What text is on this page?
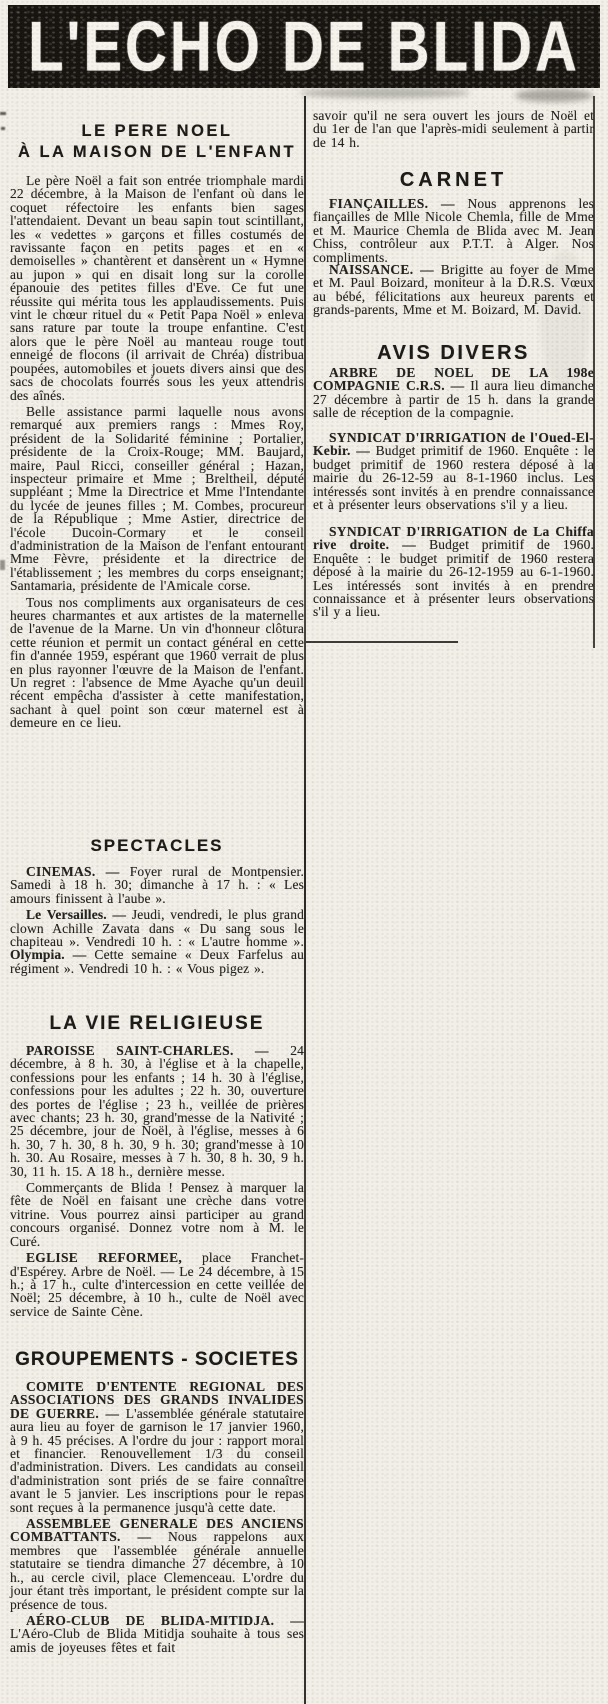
L'ECHO DE BLIDA
LE PERE NOEL
À LA MAISON DE L'ENFANT

Le père Noël a fait son entrée triomphale mardi 22 décembre, à la Maison de l'enfant où dans le coquet réfectoire les enfants bien sages l'attendaient. Devant un beau sapin tout scintillant, les « vedettes » garçons et filles costumés de ravissante façon en petits pages et en « demoiselles » chantèrent et dansèrent un « Hymne au jupon » qui en disait long sur la corolle épanouie des petites filles d'Eve. Ce fut une réussite qui mérita tous les applaudissements. Puis vint le chœur rituel du « Petit Papa Noël » enleva sans rature par toute la troupe enfantine. C'est alors que le père Noël au manteau rouge tout enneigé de flocons (il arrivait de Chréa) distribua poupées, automobiles et jouets divers ainsi que des sacs de chocolats fourrés sous les yeux attendris des aînés.

Belle assistance parmi laquelle nous avons remarqué aux premiers rangs : Mmes Roy, président de la Solidarité féminine ; Portalier, présidente de la Croix-Rouge; MM. Baujard, maire, Paul Ricci, conseiller général ; Hazan, inspecteur primaire et Mme ; Breltheil, député suppléant ; Mme la Directrice et Mme l'Intendante du lycée de jeunes filles ; M. Combes, procureur de la République ; Mme Astier, directrice de l'école Ducoin-Cormary et le conseil d'administration de la Maison de l'enfant entourant Mme Fèvre, présidente et la directrice de l'établissement ; les membres du corps enseignant; Santamaria, présidente de l'Amicale corse.

Tous nos compliments aux organisateurs de ces heures charmantes et aux artistes de la maternelle de l'avenue de la Marne. Un vin d'honneur clôtura cette réunion et permit un contact général en cette fin d'année 1959, espérant que 1960 verrait de plus en plus rayonner l'œuvre de la Maison de l'enfant. Un regret : l'absence de Mme Ayache qu'un deuil récent empêcha d'assister à cette manifestation, sachant à quel point son cœur maternel est à demeure en ce lieu.

SPECTACLES

CINEMAS. — Foyer rural de Montpensier. Samedi à 18 h. 30; dimanche à 17 h. : « Les amours finissent à l'aube ».

Le Versailles. — Jeudi, vendredi, le plus grand clown Achille Zavata dans « Du sang sous le chapiteau ». Vendredi 10 h. : « L'autre homme ». Olympia. — Cette semaine « Deux Farfelus au régiment ». Vendredi 10 h. : « Vous pigez ».

LA VIE RELIGIEUSE

PAROISSE SAINT-CHARLES. — 24 décembre, à 8 h. 30, à l'église et à la chapelle, confessions pour les enfants ; 14 h. 30 à l'église, confessions pour les adultes ; 22 h. 30, ouverture des portes de l'église ; 23 h., veillée de prières avec chants; 23 h. 30, grand'messe de la Nativité ; 25 décembre, jour de Noël, à l'église, messes à 6 h. 30, 7 h. 30, 8 h. 30, 9 h. 30; grand'messe à 10 h. 30. Au Rosaire, messes à 7 h. 30, 8 h. 30, 9 h. 30, 11 h. 15. A 18 h., dernière messe.

Commerçants de Blida ! Pensez à marquer la fête de Noël en faisant une crèche dans votre vitrine. Vous pourrez ainsi participer au grand concours organisé. Donnez votre nom à M. le Curé.

EGLISE REFORMEE, place Franchet-d'Espérey. Arbre de Noël. — Le 24 décembre, à 15 h.; à 17 h., culte d'intercession en cette veillée de Noël; 25 décembre, à 10 h., culte de Noël avec service de Sainte Cène.

GROUPEMENTS - SOCIETES

COMITE D'ENTENTE REGIONAL DES ASSOCIATIONS DES GRANDS INVALIDES DE GUERRE. — L'assemblée générale statutaire aura lieu au foyer de garnison le 17 janvier 1960, à 9 h. 45 précises. A l'ordre du jour : rapport moral et financier. Renouvellement 1/3 du conseil d'administration. Divers. Les candidats au conseil d'administration sont priés de se faire connaître avant le 5 janvier. Les inscriptions pour le repas sont reçues à la permanence jusqu'à cette date.

ASSEMBLEE GENERALE DES ANCIENS COMBATTANTS. — Nous rappelons aux membres que l'assemblée générale annuelle statutaire se tiendra dimanche 27 décembre, à 10 h., au cercle civil, place Clemenceau. L'ordre du jour étant très important, le président compte sur la présence de tous.

AÉRO-CLUB DE BLIDA-MITIDJA. — L'Aéro-Club de Blida Mitidja souhaite à tous ses amis de joyeuses fêtes et fait

savoir qu'il ne sera ouvert les jours de Noël et du 1er de l'an que l'après-midi seulement à partir de 14 h.

CARNET

FIANÇAILLES. — Nous apprenons les fiançailles de Mlle Nicole Chemla, fille de Mme et M. Maurice Chemla de Blida avec M. Jean Chiss, contrôleur aux P.T.T. à Alger. Nos compliments.

NAISSANCE. — Brigitte au foyer de Mme et M. Paul Boizard, moniteur à la D.R.S. Vœux au bébé, félicitations aux heureux parents et grands-parents, Mme et M. Boizard, M. David.

AVIS DIVERS

ARBRE DE NOEL DE LA 198e COMPAGNIE C.R.S. — Il aura lieu dimanche 27 décembre à partir de 15 h. dans la grande salle de réception de la compagnie.

SYNDICAT D'IRRIGATION de l'Oued-El-Kebir. — Budget primitif de 1960. Enquête : le budget primitif de 1960 restera déposé à la mairie du 26-12-59 au 8-1-1960 inclus. Les intéressés sont invités à en prendre connaissance et à présenter leurs observations s'il y a lieu.

SYNDICAT D'IRRIGATION de La Chiffa rive droite. — Budget primitif de 1960. Enquête : le budget primitif de 1960 restera déposé à la mairie du 26-12-1959 au 6-1-1960. Les intéressés sont invités à en prendre connaissance et à présenter leurs observations s'il y a lieu.
